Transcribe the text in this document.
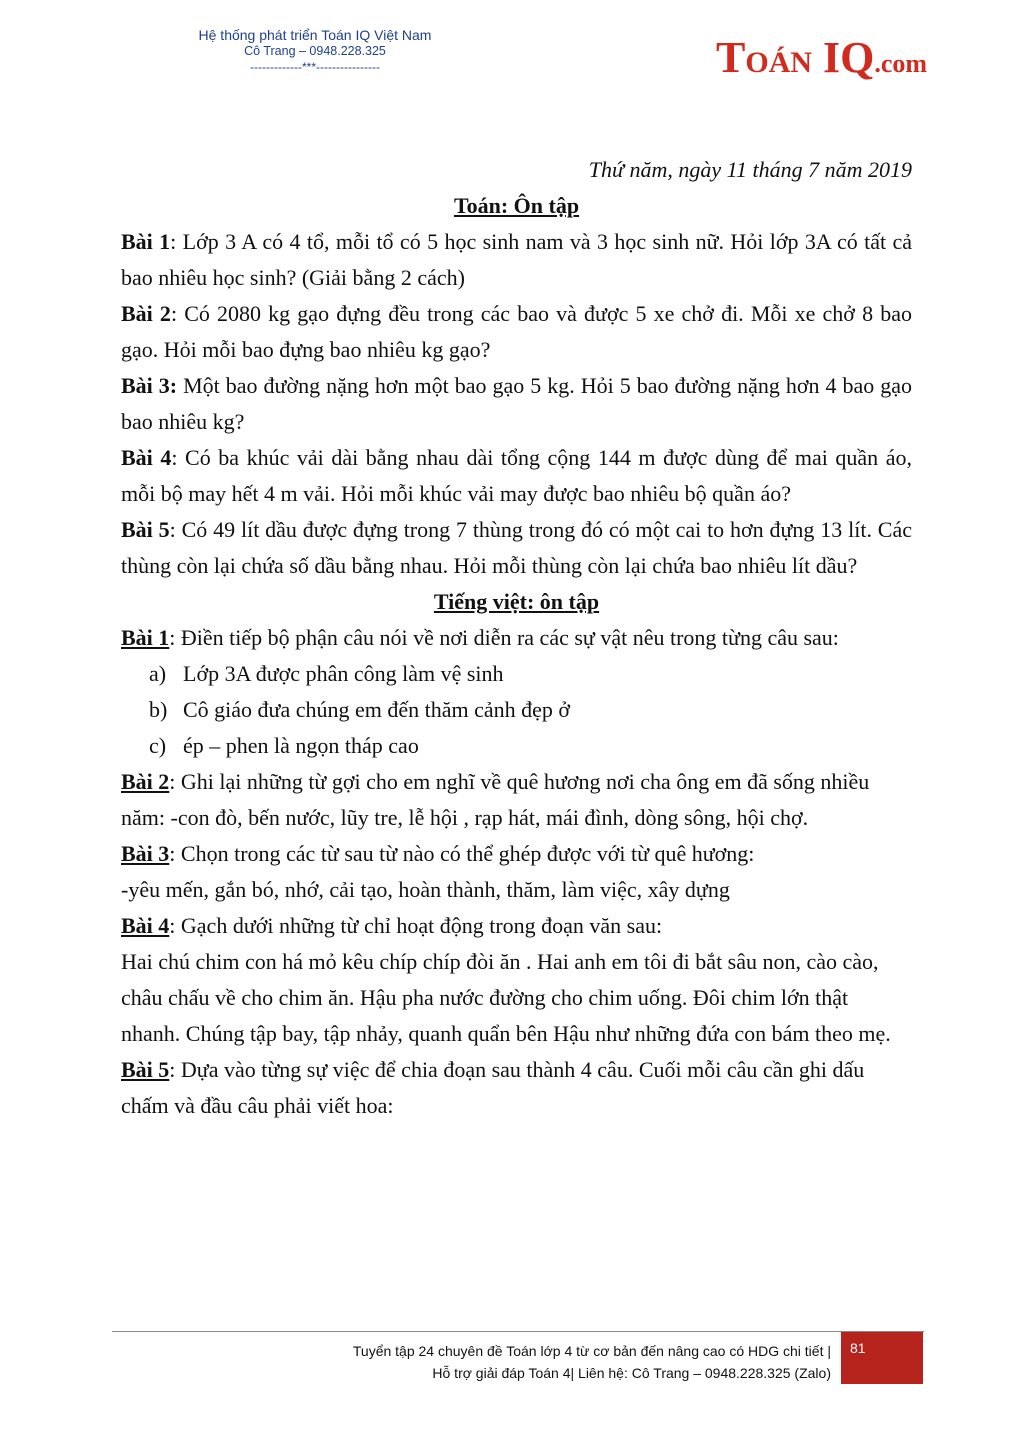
Hệ thống phát triển Toán IQ Việt Nam
Cô Trang – 0948.228.325
-------------***----------------	TOÁN IQ.com
Thứ năm, ngày 11 tháng 7 năm 2019
Toán: Ôn tập
Bài 1: Lớp 3 A có 4 tổ, mỗi tổ có 5 học sinh nam và 3 học sinh nữ. Hỏi lớp 3A có tất cả bao nhiêu học sinh? (Giải bằng 2 cách)
Bài 2: Có 2080 kg gạo đựng đều trong các bao và được 5 xe chở đi. Mỗi xe chở 8 bao gạo. Hỏi mỗi bao đựng bao nhiêu kg gạo?
Bài 3: Một bao đường nặng hơn một bao gạo 5 kg. Hỏi 5 bao đường nặng hơn 4 bao gạo bao nhiêu kg?
Bài 4: Có ba khúc vải dài bằng nhau dài tổng cộng 144 m được dùng để mai quần áo, mỗi bộ may hết 4 m vải. Hỏi mỗi khúc vải may được bao nhiêu bộ quần áo?
Bài 5: Có 49 lít dầu được đựng trong 7 thùng trong đó có một cai to hơn đựng 13 lít. Các thùng còn lại chứa số dầu bằng nhau. Hỏi mỗi thùng còn lại chứa bao nhiêu lít dầu?
Tiếng việt: ôn tập
Bài 1: Điền tiếp bộ phận câu nói về nơi diễn ra các sự vật nêu trong từng câu sau:
a) Lớp 3A được phân công làm vệ sinh
b) Cô giáo đưa chúng em đến thăm cảnh đẹp ở
c) ép – phen là ngọn tháp cao
Bài 2: Ghi lại những từ gợi cho em nghĩ về quê hương nơi cha ông em đã sống nhiều năm: -con đò, bến nước, lũy tre, lễ hội , rạp hát, mái đình, dòng sông, hội chợ.
Bài 3: Chọn trong các từ sau từ nào có thể ghép được với từ quê hương:
-yêu mến, gắn bó, nhớ, cải tạo, hoàn thành, thăm, làm việc, xây dựng
Bài 4: Gạch dưới những từ chỉ hoạt động trong đoạn văn sau:
Hai chú chim con há mỏ kêu chíp chíp đòi ăn . Hai anh em tôi đi bắt sâu non, cào cào, châu chấu về cho chim ăn. Hậu pha nước đường cho chim uống. Đôi chim lớn thật nhanh. Chúng tập bay, tập nhảy, quanh quẩn bên Hậu như những đứa con bám theo mẹ.
Bài 5: Dựa vào từng sự việc để chia đoạn sau thành 4 câu. Cuối mỗi câu cần ghi dấu chấm và đầu câu phải viết hoa:
Tuyển tập 24 chuyên đề Toán lớp 4 từ cơ bản đến nâng cao có HDG chi tiết |
Hỗ trợ giải đáp Toán 4| Liên hệ: Cô Trang – 0948.228.325 (Zalo)
81
